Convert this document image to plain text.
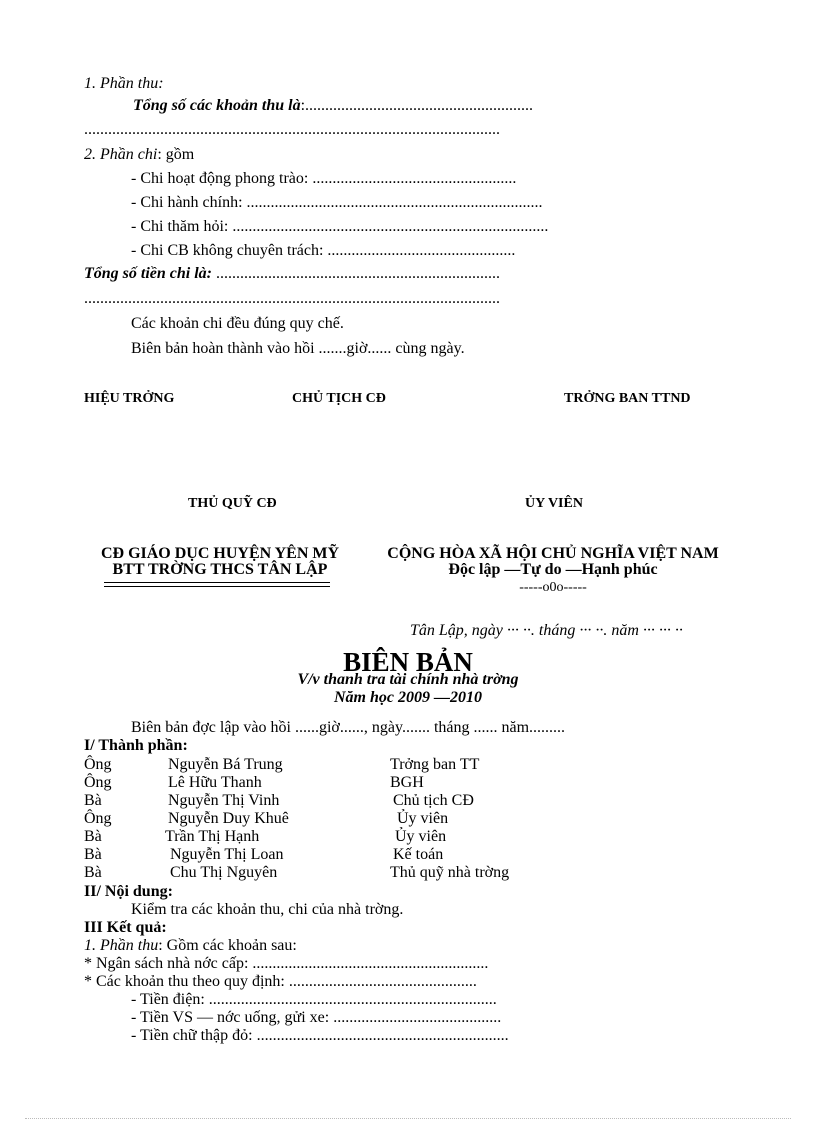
1. Phần thu:
Tổng số các khoản thu là:.........................................................
........................................................................................................
2. Phần chi: gồm
- Chi hoạt động phong trào: ...................................................
- Chi hành chính: ..........................................................................
- Chi thăm hỏi: ...............................................................................
- Chi CB không chuyên trách: ...............................................
Tổng số tiền chi là: .......................................................................
........................................................................................................
Các khoản chi đều đúng quy chế.
Biên bản hoàn thành vào hồi .......giờ...... cùng ngày.
HIỆU TRỞNG	CHỦ TỊCH CĐ	TRỞNG BAN TTND
THỦ QUỸ CĐ	ỦY VIÊN
CĐ GIÁO DỤC HUYỆN YÊN MỸ
BTT TRỜNG THCS TÂN LẬP
CỘNG HÒA XÃ HỘI CHỦ NGHĨA VIỆT NAM
Độc lập —Tự do —Hạnh phúc
-----o0o-----
Tân Lập, ngày ··· ··. tháng ··· ··. năm ··· ··· ··
BIÊN BẢN
V/v thanh tra tài chính nhà trờng
Năm học 2009 —2010
Biên bản đợc lập vào hồi ......giờ......, ngày....... tháng ...... năm.........
I/ Thành phần:
Ông	Nguyễn Bá Trung	Trởng ban TT
Ông	Lê Hữu Thanh	BGH
Bà	Nguyễn Thị Vinh	Chủ tịch CĐ
Ông	Nguyễn Duy Khuê	Ủy viên
Bà	Trần Thị Hạnh	Ủy viên
Bà	Nguyễn Thị Loan	Kế toán
Bà	Chu Thị Nguyên	Thủ quỹ nhà trờng
II/ Nội dung:
Kiểm tra các khoản thu, chi của nhà trờng.
III Kết quả:
1. Phần thu: Gồm các khoản sau:
* Ngân sách nhà nớc cấp: ...........................................................
* Các khoản thu theo quy định: ...............................................
- Tiền điện: ........................................................................
- Tiền VS — nớc uống, gửi xe: ..........................................
- Tiền chữ thập đỏ: ...............................................................
